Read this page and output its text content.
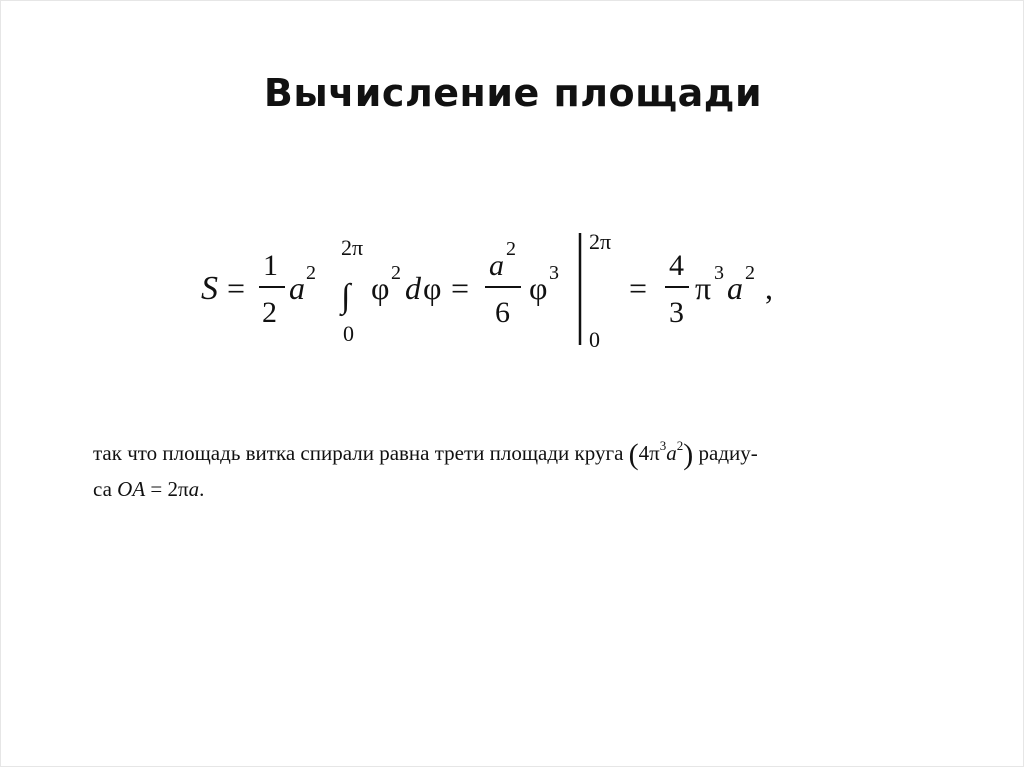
Вычисление площади
S =
1
2
a 2
2π
∫
0
φ 2 d φ =
a 2
6
φ 3
2π
0
=
4
3
π 3 a 2 ,
так что площадь витка спирали равна трети площади круга $(4\pi^3a^2)$ радиу-
са OA = 2πa.
